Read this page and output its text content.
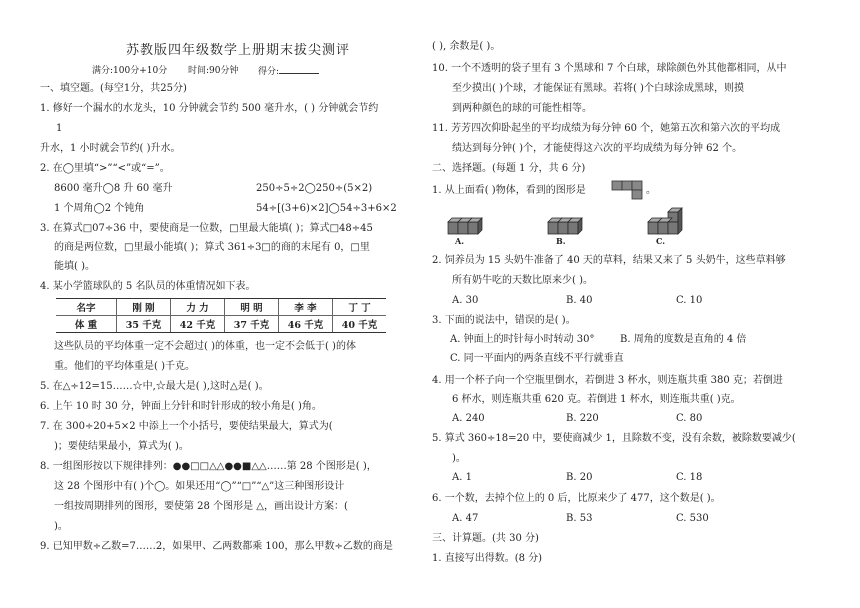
苏教版四年级数学上册期末拔尖测评
满分:100分+10分 时间:90分钟 得分:
一、填空题。(每空1分，共25分)
1. 修好一个漏水的水龙头，10 分钟就会节约 500 毫升水，( ) 分钟就会节约
1
升水，1 小时就会节约( )升水。
2. 在◯里填“>”“<”或“=”。
8600 毫升◯8 升 60 毫升	250÷5÷2◯250÷(5×2)
1 个周角◯2 个钝角	54÷[(3+6)×2]◯54÷3+6×2
3. 在算式□07÷36 中，要使商是一位数，□里最大能填( )；算式□48÷45
的商是两位数，□里最小能填( )；算式 361÷3□的商的末尾有 0，□里
能填( )。
4. 某小学篮球队的 5 名队员的体重情况如下表。
名字	刚 刚	力 力	明 明	李 李	丁 丁
体 重	35 千克	42 千克	37 千克	46 千克	40 千克
这些队员的平均体重一定不会超过( )的体重，也一定不会低于( )的体
重。他们的平均体重是( )千克。
5. 在△÷12=15……☆中,☆最大是( ),这时△是( )。
6. 上午 10 时 30 分，钟面上分针和时针形成的较小角是( )角。
7. 在 300÷20+5×2 中添上一个小括号，要使结果最大，算式为(
)；要使结果最小，算式为( )。
8. 一组图形按以下规律排列：●●□□△△●●■△△……第 28 个图形是( )，
这 28 个图形中有( )个◯。如果还用“◯”“□”“△”这三种图形设计
一组按周期排列的图形，要使第 28 个图形是 △，画出设计方案：(
)。
9. 已知甲数÷乙数=7……2，如果甲、乙两数都乘 100，那么甲数÷乙数的商是
( ), 余数是( )。
10. 一个不透明的袋子里有 3 个黑球和 7 个白球，球除颜色外其他都相同，从中
至少摸出( )个球，才能保证有黑球。若将( )个白球涂成黑球，则摸
到两种颜色的球的可能性相等。
11. 芳芳四次仰卧起坐的平均成绩为每分钟 60 个，她第五次和第六次的平均成
绩达到每分钟( )个，才能使得这六次的平均成绩为每分钟 62 个。
二、选择题。(每题 1 分，共 6 分)
1. 从上面看( )物体，看到的图形是	。
A.	B.	C.
2. 饲养员为 15 头奶牛准备了 40 天的草料，结果又来了 5 头奶牛，这些草料够
所有奶牛吃的天数比原来少( )。
A. 30	B. 40	C. 10
3. 下面的说法中，错误的是( )。
A. 钟面上的时针每小时转动 30°	B. 周角的度数是直角的 4 倍
C. 同一平面内的两条直线不平行就垂直
4. 用一个杯子向一个空瓶里倒水，若倒进 3 杯水，则连瓶共重 380 克；若倒进
6 杯水，则连瓶共重 620 克。若倒进 1 杯水，则连瓶共重( )克。
A. 240	B. 220	C. 80
5. 算式 360÷18=20 中，要使商减少 1，且除数不变，没有余数，被除数要减少(
)。
A. 1	B. 20	C. 18
6. 一个数，去掉个位上的 0 后，比原来少了 477，这个数是( )。
A. 47	B. 53	C. 530
三、计算题。(共 30 分)
1. 直接写出得数。(8 分)
